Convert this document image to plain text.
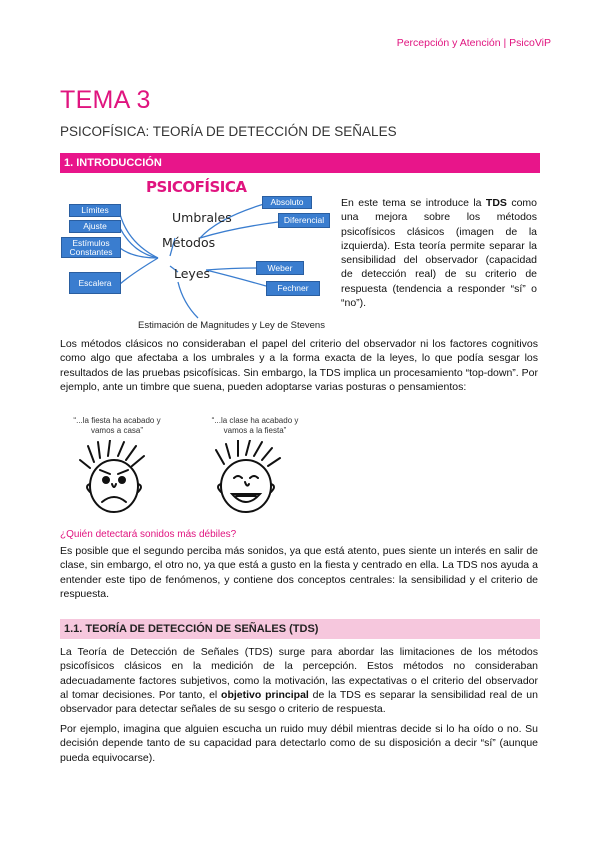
Percepción y Atención | PsicoViP
TEMA 3
PSICOFÍSICA: TEORÍA DE DETECCIÓN DE SEÑALES
1. INTRODUCCIÓN
PSICOFÍSICA
Umbrales
Métodos
Leyes
Límites
Ajuste
Estímulos Constantes
Escalera
Absoluto
Diferencial
Weber
Fechner
Estimación de Magnitudes y Ley de Stevens
En este tema se introduce la TDS como una mejora sobre los métodos psicofísicos clásicos (imagen de la izquierda). Esta teoría permite separar la sensibilidad del observador (capacidad de detección real) de su criterio de respuesta (tendencia a responder “sí” o “no”).

Los métodos clásicos no consideraban el papel del criterio del observador ni los factores cognitivos como algo que afectaba a los umbrales y a la forma exacta de la leyes, lo que podía sesgar los resultados de las pruebas psicofísicas. Sin embargo, la TDS implica un procesamiento “top-down”. Por ejemplo, ante un timbre que suena, pueden adoptarse varias posturas o pensamientos:

“...la fiesta ha acabado y vamos a casa”
“...la clase ha acabado y vamos a la fiesta”
¿Quién detectará sonidos más débiles?

Es posible que el segundo perciba más sonidos, ya que está atento, pues siente un interés en salir de clase, sin embargo, el otro no, ya que está a gusto en la fiesta y centrado en ella. La TDS nos ayuda a entender este tipo de fenómenos, y contiene dos conceptos centrales: la sensibilidad y el criterio de respuesta.

1.1. TEORÍA DE DETECCIÓN DE SEÑALES (TDS)

La Teoría de Detección de Señales (TDS) surge para abordar las limitaciones de los métodos psicofísicos clásicos en la medición de la percepción. Estos métodos no consideraban adecuadamente factores subjetivos, como la motivación, las expectativas o el criterio del observador al tomar decisiones. Por tanto, el objetivo principal de la TDS es separar la sensibilidad real de un observador para detectar señales de su sesgo o criterio de respuesta.

Por ejemplo, imagina que alguien escucha un ruido muy débil mientras decide si lo ha oído o no. Su decisión depende tanto de su capacidad para detectarlo como de su disposición a decir “sí” (aunque pueda equivocarse).
